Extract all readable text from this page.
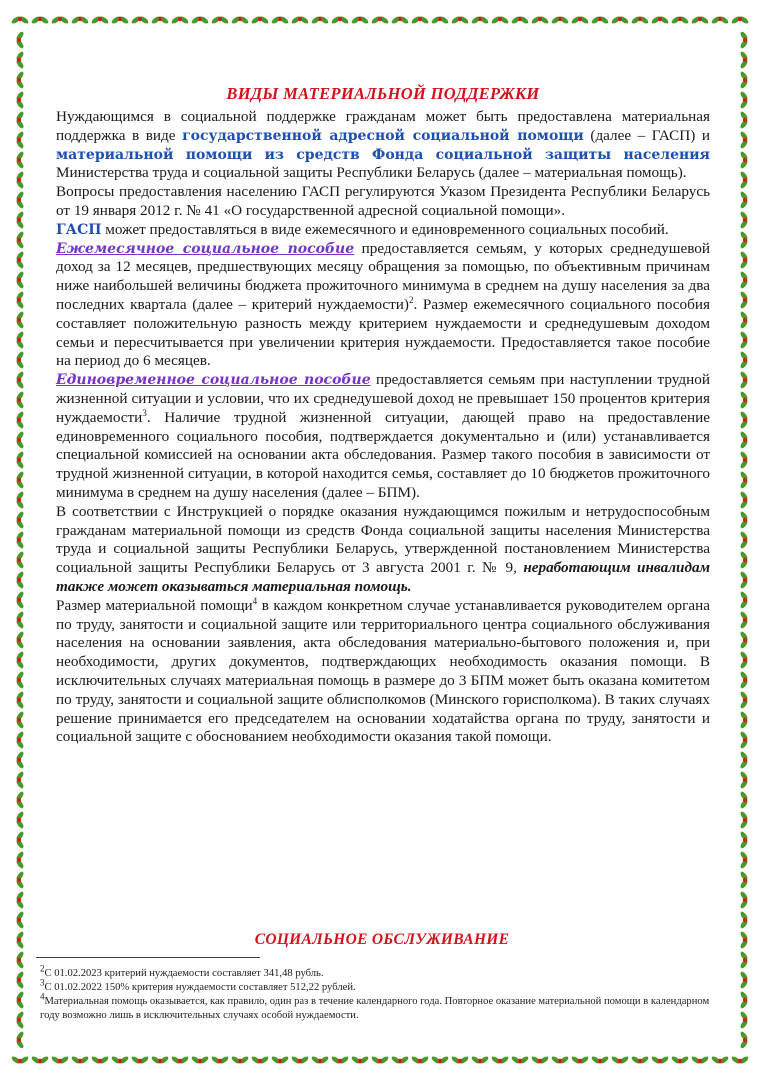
ВИДЫ МАТЕРИАЛЬНОЙ ПОДДЕРЖКИ

Нуждающимся в социальной поддержке гражданам может быть предоставлена материальная поддержка в виде государственной адресной социальной помощи (далее – ГАСП) и материальной помощи из средств Фонда социальной защиты населения Министерства труда и социальной защиты Республики Беларусь (далее – материальная помощь).

Вопросы предоставления населению ГАСП регулируются Указом Президента Республики Беларусь от 19 января 2012 г. № 41 «О государственной адресной социальной помощи».

ГАСП может предоставляться в виде ежемесячного и единовременного социальных пособий.

Ежемесячное социальное пособие предоставляется семьям, у которых среднедушевой доход за 12 месяцев, предшествующих месяцу обращения за помощью, по объективным причинам ниже наибольшей величины бюджета прожиточного минимума в среднем на душу населения за два последних квартала (далее – критерий нуждаемости)$^2$. Размер ежемесячного социального пособия составляет положительную разность между критерием нуждаемости и среднедушевым доходом семьи и пересчитывается при увеличении критерия нуждаемости. Предоставляется такое пособие на период до 6 месяцев.

Единовременное социальное пособие предоставляется семьям при наступлении трудной жизненной ситуации и условии, что их среднедушевой доход не превышает 150 процентов критерия нуждаемости$^3$. Наличие трудной жизненной ситуации, дающей право на предоставление единовременного социального пособия, подтверждается документально и (или) устанавливается специальной комиссией на основании акта обследования. Размер такого пособия в зависимости от трудной жизненной ситуации, в которой находится семья, составляет до 10 бюджетов прожиточного минимума в среднем на душу населения (далее – БПМ).

В соответствии с Инструкцией о порядке оказания нуждающимся пожилым и нетрудоспособным гражданам материальной помощи из средств Фонда социальной защиты населения Министерства труда и социальной защиты Республики Беларусь, утвержденной постановлением Министерства социальной защиты Республики Беларусь от 3 августа 2001 г. № 9, неработающим инвалидам также может оказываться материальная помощь.

Размер материальной помощи$^4$ в каждом конкретном случае устанавливается руководителем органа по труду, занятости и социальной защите или территориального центра социального обслуживания населения на основании заявления, акта обследования материально-бытового положения и, при необходимости, других документов, подтверждающих необходимость оказания помощи. В исключительных случаях материальная помощь в размере до 3 БПМ может быть оказана комитетом по труду, занятости и социальной защите облисполкомов (Минского горисполкома). В таких случаях решение принимается его председателем на основании ходатайства органа по труду, занятости и социальной защите с обоснованием необходимости оказания такой помощи.

СОЦИАЛЬНОЕ ОБСЛУЖИВАНИЕ

$^2$С 01.02.2023 критерий нуждаемости составляет 341,48 рубль.

$^3$С 01.02.2022 150% критерия нуждаемости составляет 512,22 рублей.

$^4$Материальная помощь оказывается, как правило, один раз в течение календарного года. Повторное оказание материальной помощи в календарном году возможно лишь в исключительных случаях особой нуждаемости.
